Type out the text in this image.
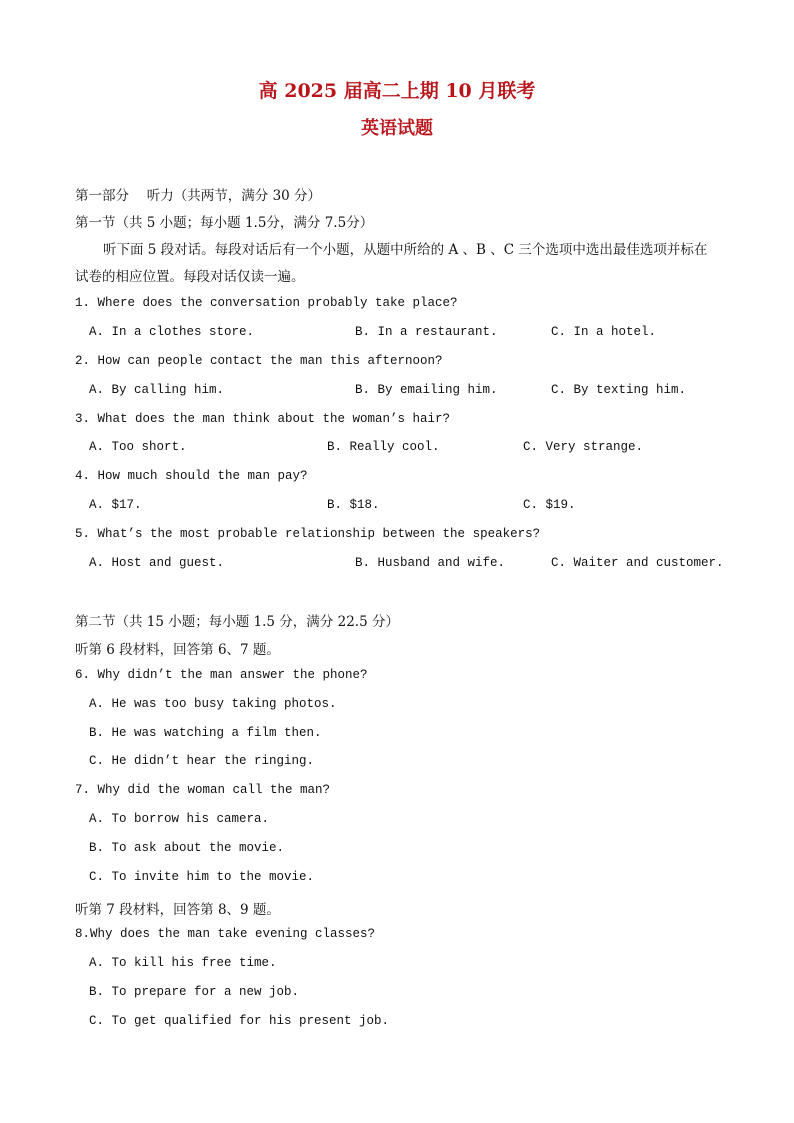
高 2025 届高二上期 10 月联考
英语试题
第一部分　 听力（共两节，满分 30 分）
第一节（共 5 小题；每小题 1.5分，满分 7.5分）
听下面 5 段对话。每段对话后有一个小题，从题中所给的 A 、B 、C 三个选项中选出最佳选项并标在
试卷的相应位置。每段对话仅读一遍。
1. Where does the conversation probably take place?
A. In a clothes store.	B. In a restaurant.	C. In a hotel.
2. How can people contact the man this afternoon?
A. By calling him.	B. By emailing him.	C. By texting him.
3. What does the man think about the woman’s hair?
A. Too short.	B. Really cool.	C. Very strange.
4. How much should the man pay?
A. $17.	B. $18.	C. $19.
5. What’s the most probable relationship between the speakers?
A. Host and guest.	B. Husband and wife.	C. Waiter and customer.
第二节（共 15 小题；每小题 1.5 分，满分 22.5 分）
听第 6 段材料，回答第 6、7 题。
6. Why didn’t the man answer the phone?
A. He was too busy taking photos.
B. He was watching a film then.
C. He didn’t hear the ringing.
7. Why did the woman call the man?
A. To borrow his camera.
B. To ask about the movie.
C. To invite him to the movie.
听第 7 段材料，回答第 8、9 题。
8.Why does the man take evening classes?
A. To kill his free time.
B. To prepare for a new job.
C. To get qualified for his present job.
